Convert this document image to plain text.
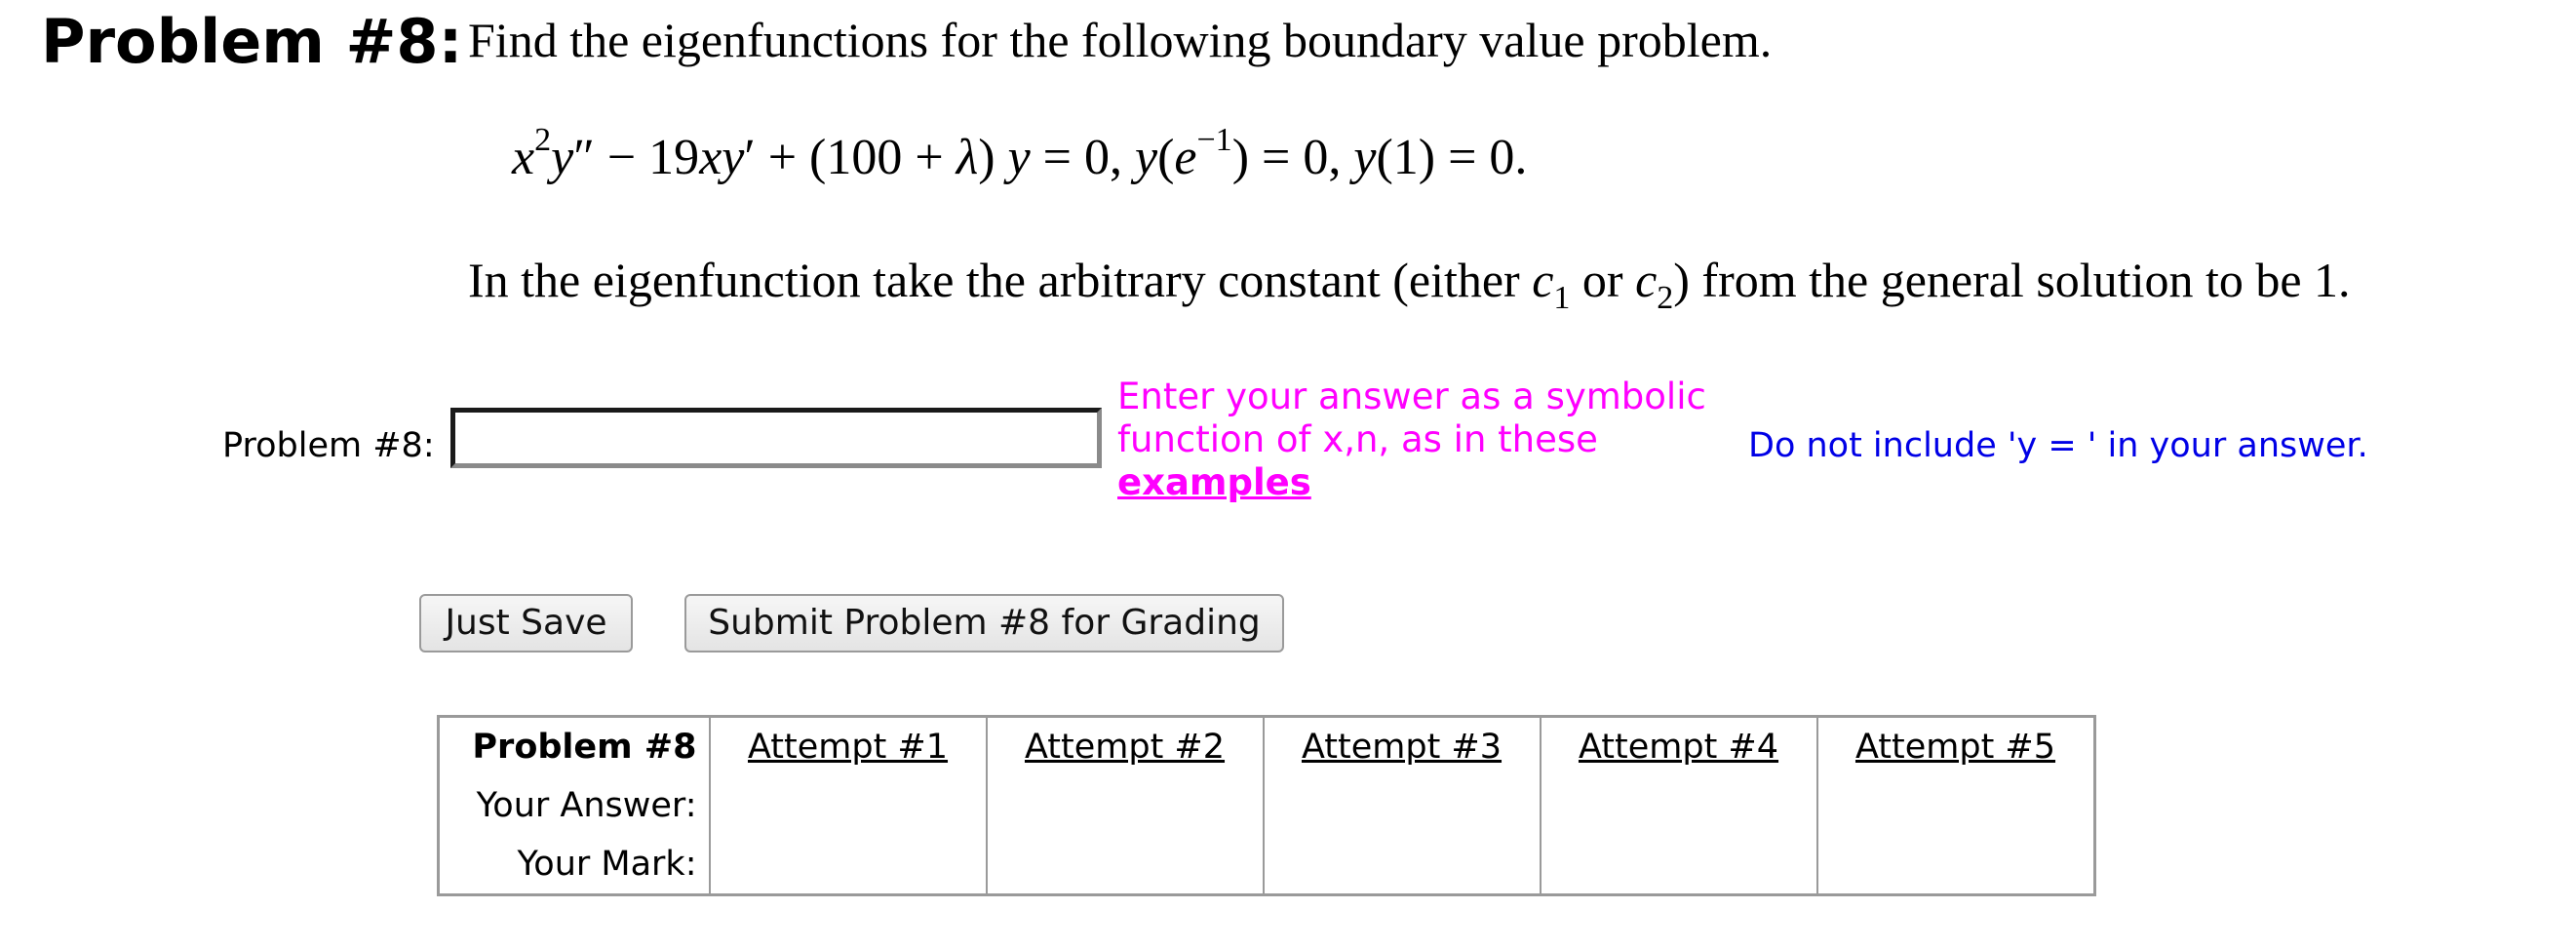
Problem #8: Find the eigenfunctions for the following boundary value problem.
$x^2y'' - 19xy' + (100 + \lambda) y = 0$, $y(e^{-1}) = 0$, y(1) = 0.
In the eigenfunction take the arbitrary constant (either $c_1$ or $c_2$) from the general solution to be 1.
Problem #8:
Enter your answer as a symbolic function of x,n, as in these
examples
Do not include 'y = ' in your answer.
Just Save	Submit Problem #8 for Grading
Problem #8	Attempt #1	Attempt #2	Attempt #3	Attempt #4	Attempt #5
Your Answer:					
Your Mark:					
